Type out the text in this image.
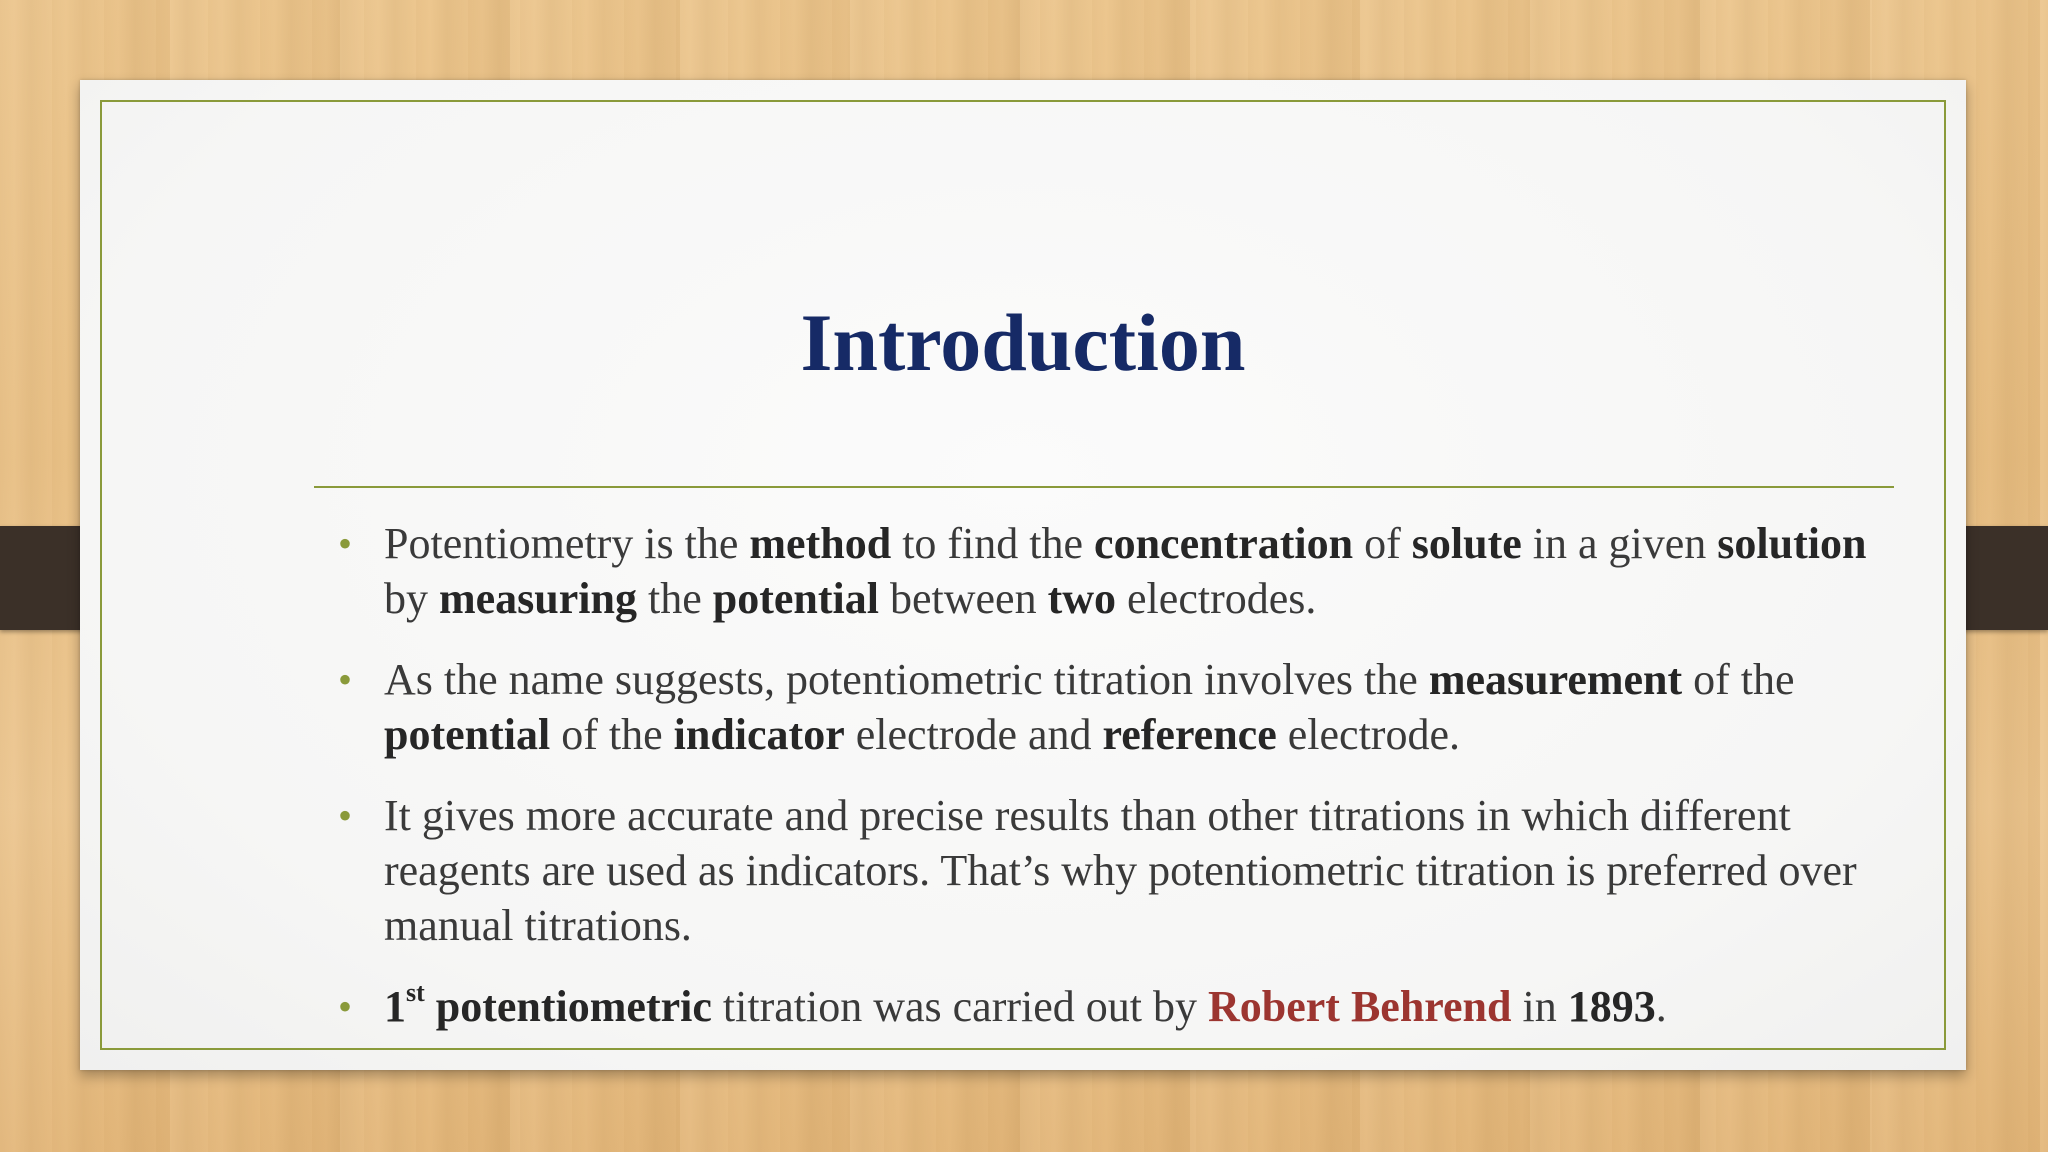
Introduction
• Potentiometry is the method to find the concentration of solute in a given solution by measuring the potential between two electrodes.
• As the name suggests, potentiometric titration involves the measurement of the potential of the indicator electrode and reference electrode.
• It gives more accurate and precise results than other titrations in which different reagents are used as indicators. That’s why potentiometric titration is preferred over manual titrations.
• 1st potentiometric titration was carried out by Robert Behrend in 1893.
